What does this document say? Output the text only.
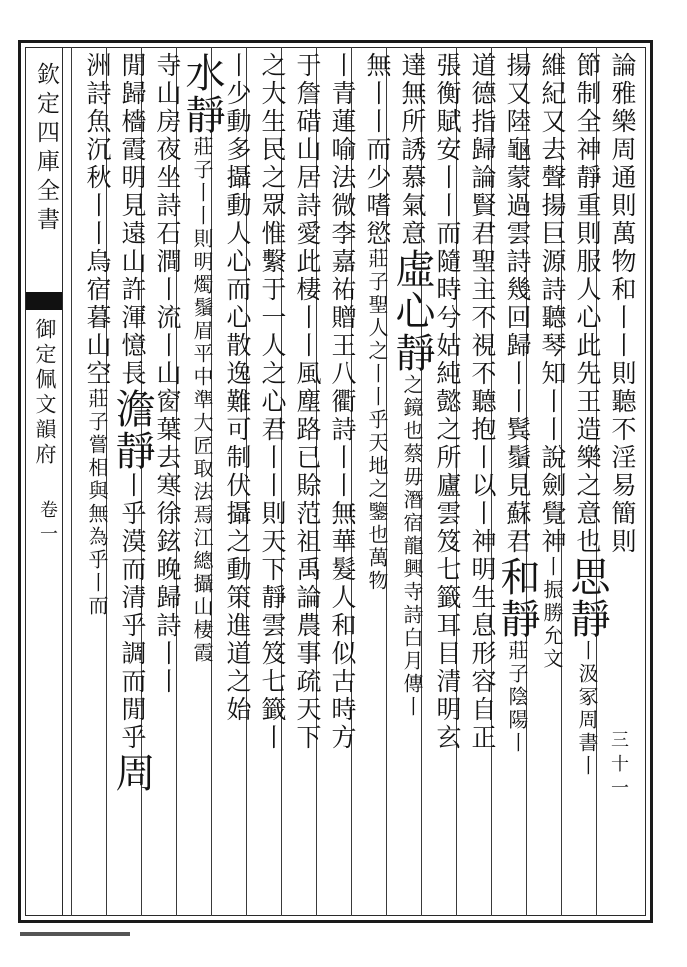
欽定四庫全書
御定佩文韻府
卷一
三十一
論雅樂周通則萬物和丨丨則聽不淫易簡則
節制全神靜重則服人心此先王造樂之意也思靜丨汲冢周書丨
維紀又去聲揚巨源詩聽琴知丨丨說劍覺神丨振勝允文
揚又陸龜蒙過雲詩幾回歸丨丨鬂鬚見蘇君和靜莊子陰陽丨
道德指歸論賢君聖主不視不聽抱丨以丨神明生息形容自正
張衡賦安丨丨而隨時兮姑純懿之所廬雲笈七籤耳目清明玄
達無所誘慕氣意虛心靜之鏡也蔡毋潛宿龍興寺詩白月傳丨
無丨丨而少嗜慾莊子聖人之丨丨乎天地之鑒也萬物
丨青蓮喻法微李嘉祐贈王八衢詩丨丨無華髮人和似古時方
于詹碏山居詩愛此棲丨丨風塵路已賒范祖禹論農事疏天下
之大生民之眾惟繫于一人之心君丨丨則天下靜雲笈七籤丨
丨少動多攝動人心而心散逸難可制伏攝之動策進道之始
水靜莊子丨丨則明燭鬚眉平中準大匠取法焉江總攝山棲霞
寺山房夜坐詩石澗丨流丨山窗葉去寒徐鉉晚歸詩丨丨
閒歸檣霞明見遠山許渾憶長澹靜丨乎漠而清乎調而閒乎周
洲詩魚沉秋丨丨烏宿暮山空莊子嘗相與無為乎丨而
